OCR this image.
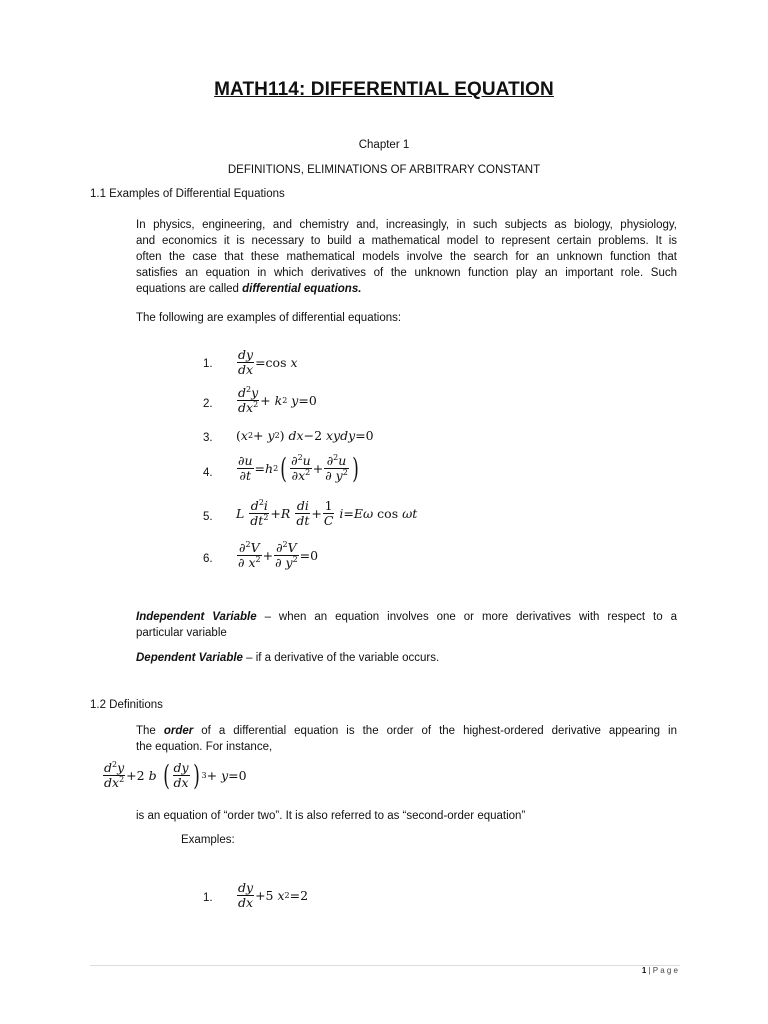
MATH114: DIFFERENTIAL EQUATION
Chapter 1
DEFINITIONS, ELIMINATIONS OF ARBITRARY CONSTANT
1.1 Examples of Differential Equations
In physics, engineering, and chemistry and, increasingly, in such subjects as biology, physiology,
and economics it is necessary to build a mathematical model to represent certain problems. It is
often the case that these mathematical models involve the search for an unknown function that
satisfies an equation in which derivatives of the unknown function play an important role. Such
equations are called differential equations.
The following are examples of differential equations:
1. $\frac{dy}{dx} =\cos$ x
2. $\frac{d^2y}{dx^2} + k$ 2
y =0
3. ( x 2 + y 2 ) dx −2 xydy =0
4. $\frac{\partial u}{\partial t} = h$ 2 ( $\frac{\partial^2u}{\partial x^2} + \frac{\partial^2u}{\partial y^2}$ )
5. L
$\frac{d^2i}{dt^2} + R$
$\frac{di}{dt} + \frac{1}{C}$
i = Eω cos ωt
6. $\frac{\partial^2V}{\partial x^2} + \frac{\partial^2V}{\partial y^2} =0$
Independent Variable – when an equation involves one or more derivatives with respect to a
particular variable
Dependent Variable – if a derivative of the variable occurs.
1.2 Definitions
The order of a differential equation is the order of the highest-ordered derivative appearing in
the equation. For instance,
$\frac{d^2y}{dx^2} +2$ b
( $\frac{dy}{dx}$ ) 3 + y =0
is an equation of “order two”. It is also referred to as “second-order equation”
Examples:
1. $\frac{dy}{dx} +5$ x 2 =2
1 | P a g e
